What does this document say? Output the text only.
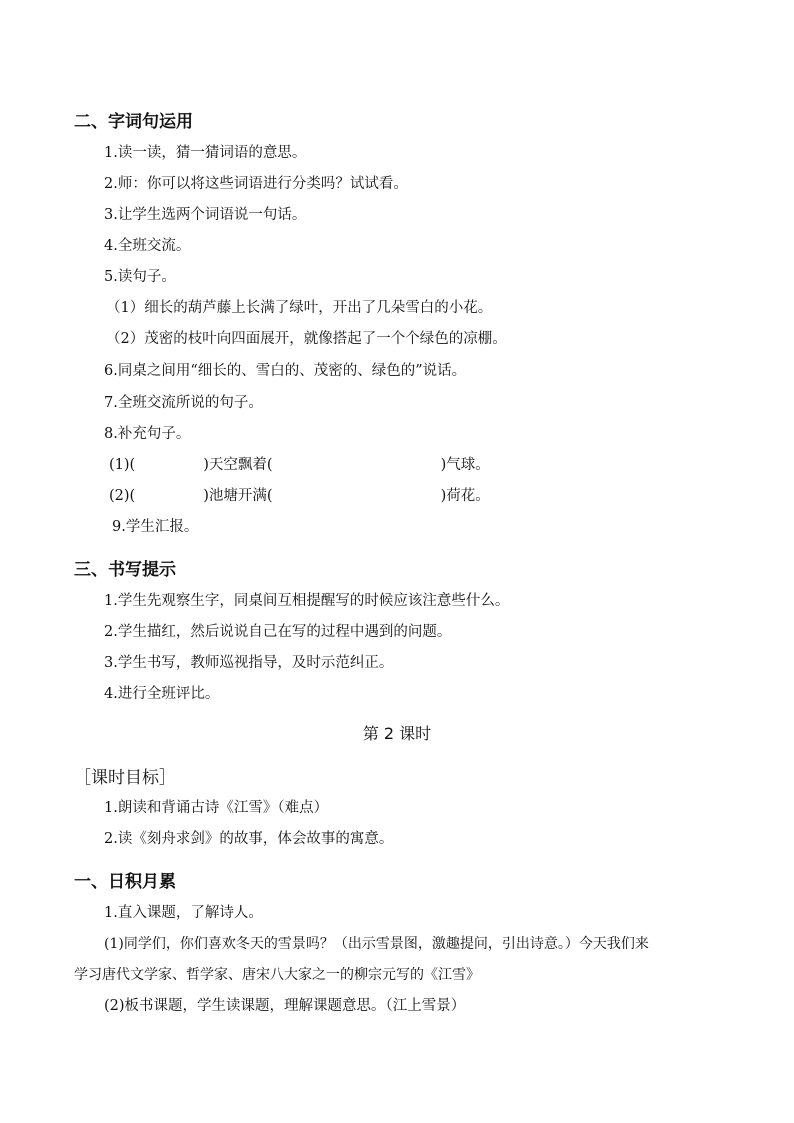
二、字词句运用
1.读一读，猜一猜词语的意思。
2.师：你可以将这些词语进行分类吗？试试看。
3.让学生选两个词语说一句话。
4.全班交流。
5.读句子。
（1）细长的葫芦藤上长满了绿叶，开出了几朵雪白的小花。
（2）茂密的枝叶向四面展开，就像搭起了一个个绿色的凉棚。
6.同桌之间用“细长的、雪白的、茂密的、绿色的”说话。
7.全班交流所说的句子。
8.补充句子。
(1)(	)天空飘着(	)气球。
(2)(	)池塘开满(	)荷花。
9.学生汇报。
三、书写提示
1.学生先观察生字，同桌间互相提醒写的时候应该注意些什么。
2.学生描红，然后说说自己在写的过程中遇到的问题。
3.学生书写，教师巡视指导，及时示范纠正。
4.进行全班评比。
第 2 课时
［课时目标］
1.朗读和背诵古诗《江雪》（难点）
2.读《刻舟求剑》的故事，体会故事的寓意。
一、日积月累
1.直入课题，了解诗人。
(1)同学们，你们喜欢冬天的雪景吗？（出示雪景图，激趣提问，引出诗意。）今天我们来
学习唐代文学家、哲学家、唐宋八大家之一的柳宗元写的《江雪》
(2)板书课题，学生读课题，理解课题意思。（江上雪景）
